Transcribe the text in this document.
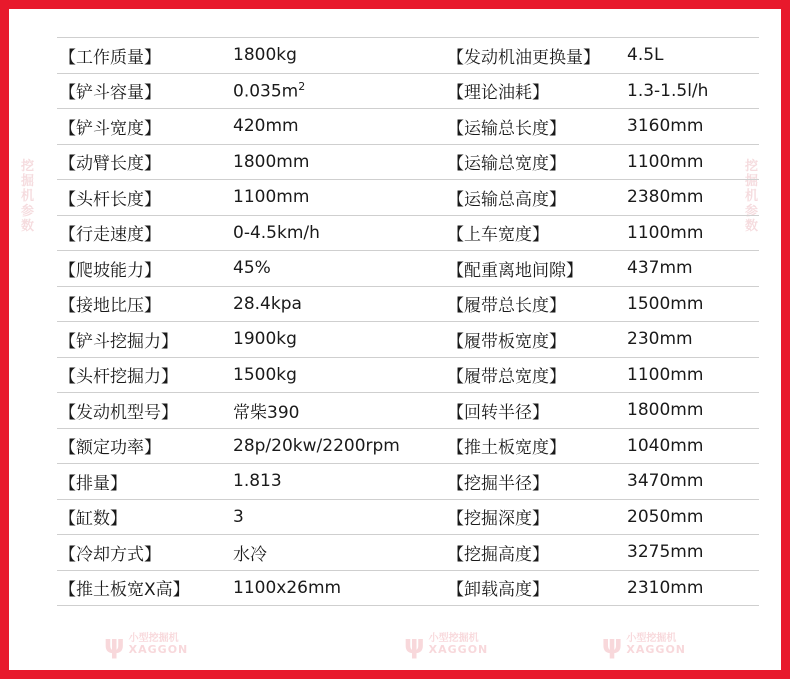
挖
掘
机
参
数
挖
掘
机
参
数
【工作质量】	1800kg	【发动机油更换量】	4.5L
【铲斗容量】	$0.035m^2$	【理论油耗】	1.3-1.5l/h
【铲斗宽度】	420mm	【运输总长度】	3160mm
【动臂长度】	1800mm	【运输总宽度】	1100mm
【头杆长度】	1100mm	【运输总高度】	2380mm
【行走速度】	0-4.5km/h	【上车宽度】	1100mm
【爬坡能力】	45%	【配重离地间隙】	437mm
【接地比压】	28.4kpa	【履带总长度】	1500mm
【铲斗挖掘力】	1900kg	【履带板宽度】	230mm
【头杆挖掘力】	1500kg	【履带总宽度】	1100mm
【发动机型号】	常柴390	【回转半径】	1800mm
【额定功率】	28p/20kw/2200rpm	【推土板宽度】	1040mm
【排量】	1.813	【挖掘半径】	3470mm
【缸数】	3	【挖掘深度】	2050mm
【冷却方式】	水冷	【挖掘高度】	3275mm
【推土板宽X高】	1100x26mm	【卸载高度】	2310mm
ψ 小型挖掘机
XAGGON	ψ 小型挖掘机
XAGGON	ψ 小型挖掘机
XAGGON
